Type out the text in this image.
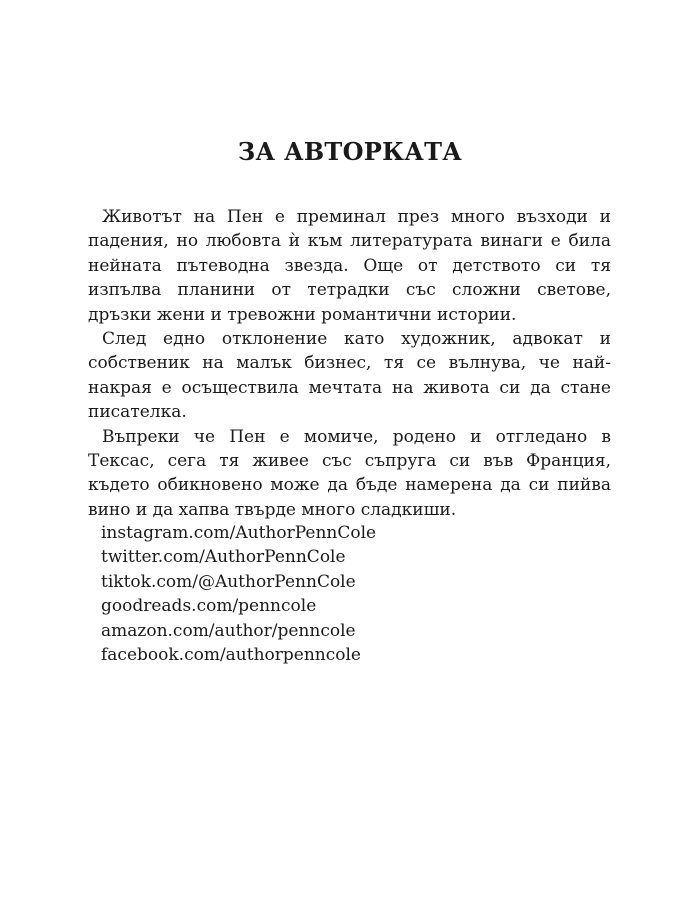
ЗА АВТОРКАТА

Животът на Пен е преминал през много възходи и падения, но любовта ѝ към литературата винаги е била нейната пътеводна звезда. Още от детството си тя изпълва планини от тетрадки със сложни светове, дръзки жени и тревожни романтични истории.

След едно отклонение като художник, адвокат и собственик на малък бизнес, тя се вълнува, че най-накрая е осъществила мечтата на живота си да стане писателка.

Въпреки че Пен е момиче, родено и отгледано в Тексас, сега тя живее със съпруга си във Франция, където обикновено може да бъде намерена да си пийва вино и да хапва твърде много сладкиши.

instagram.com/AuthorPennCole
twitter.com/AuthorPennCole
tiktok.com/@AuthorPennCole
goodreads.com/penncole
amazon.com/author/penncole
facebook.com/authorpenncole
